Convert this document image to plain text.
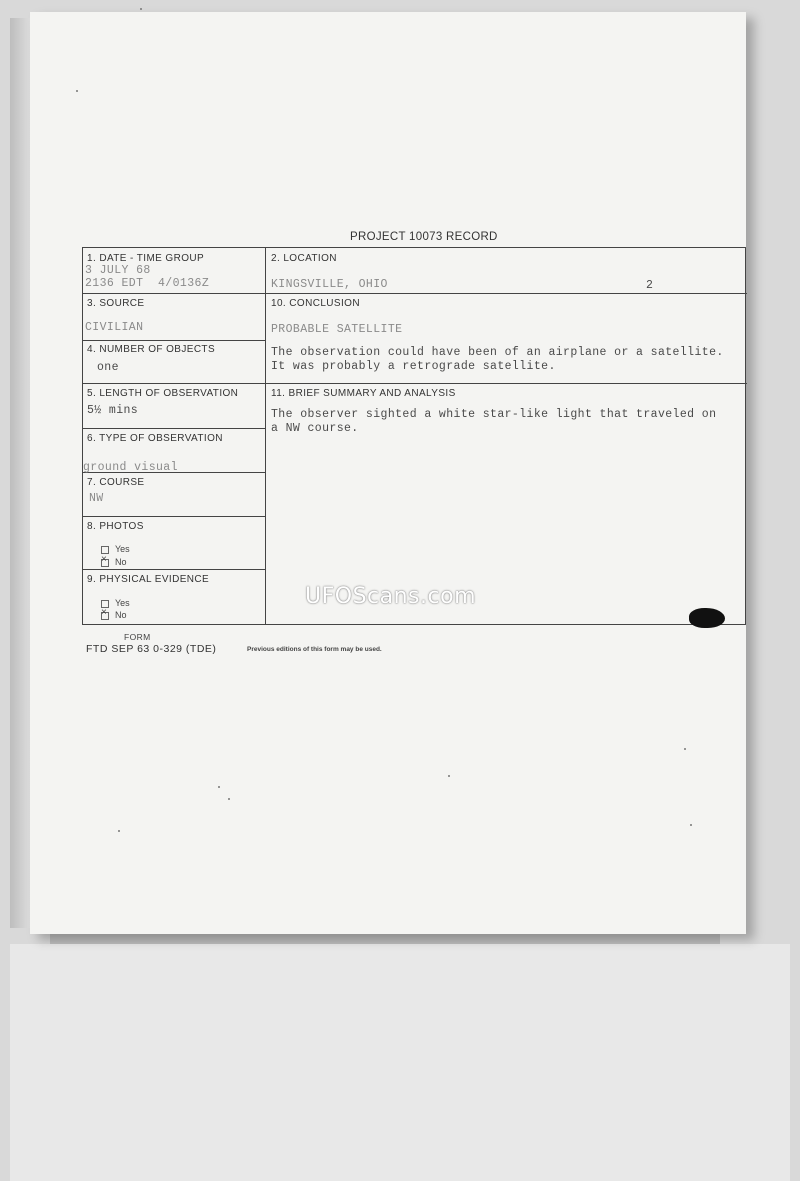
PROJECT 10073 RECORD
1. DATE - TIME GROUP
3 JULY 68
2136 EDT  4/0136Z
2. LOCATION
KINGSVILLE, OHIO	2
3. SOURCE
CIVILIAN
10. CONCLUSION
PROBABLE SATELLITE
The observation could have been of an airplane or a satellite.
It was probably a retrograde satellite.
4. NUMBER OF OBJECTS
one
5. LENGTH OF OBSERVATION
5½ mins
11. BRIEF SUMMARY AND ANALYSIS
The observer sighted a white star-like light that traveled on
a NW course.
6. TYPE OF OBSERVATION
ground visual
7. COURSE
NW
8. PHOTOS
Yes
×No
9. PHYSICAL EVIDENCE
Yes
×No
UFOScans.com
FORM
FTD SEP 63 0-329 (TDE)	Previous editions of this form may be used.
